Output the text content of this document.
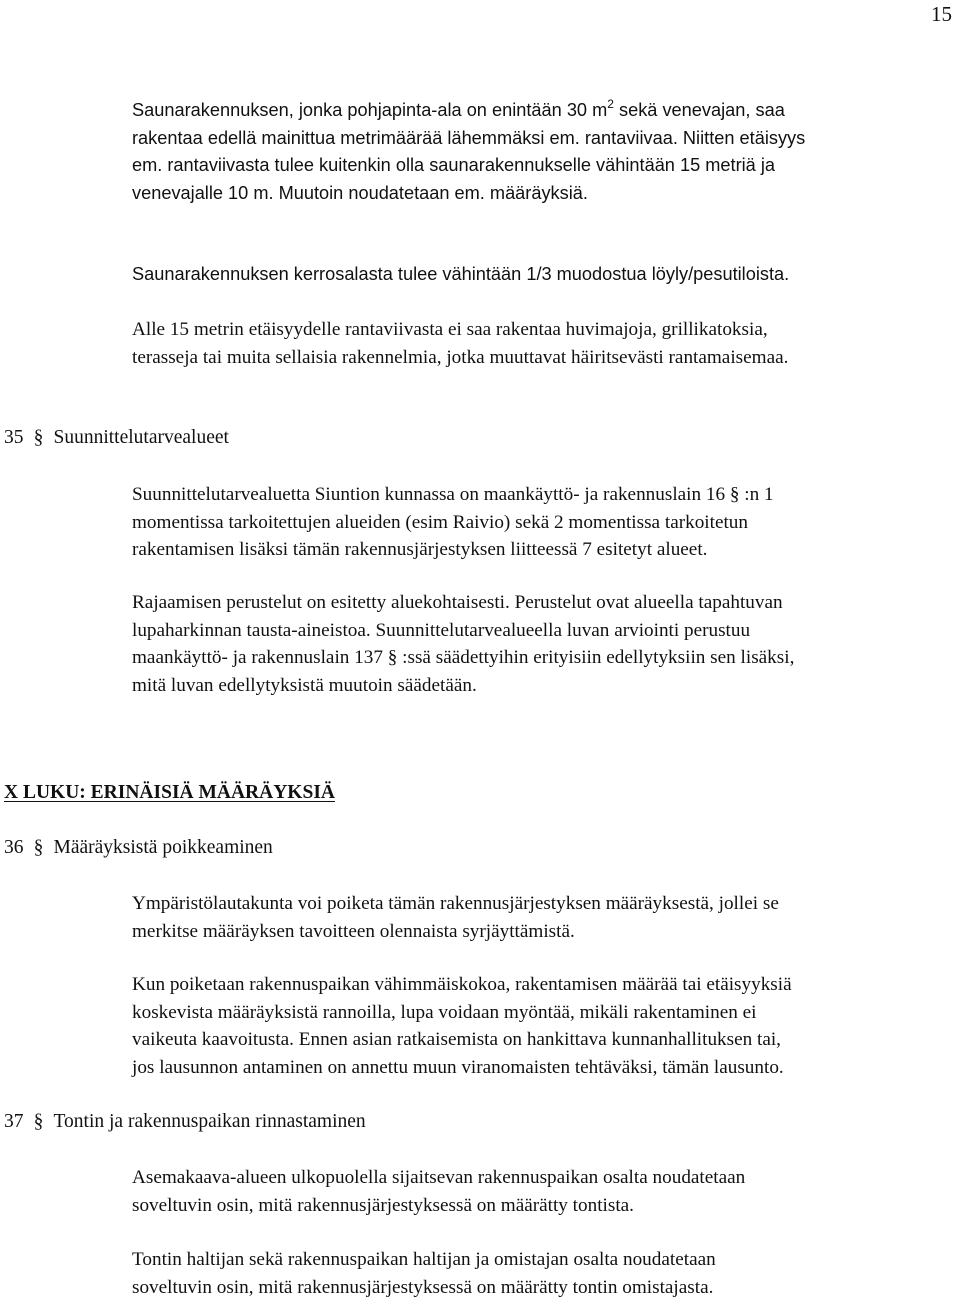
15
Saunarakennuksen, jonka pohjapinta-ala on enintään 30 $m^2$ sekä venevajan, saa
rakentaa edellä mainittua metrimäärää lähemmäksi em. rantaviivaa. Niitten etäisyys
em. rantaviivasta tulee kuitenkin olla saunarakennukselle vähintään 15 metriä ja
venevajalle 10 m. Muutoin noudatetaan em. määräyksiä.
Saunarakennuksen kerrosalasta tulee vähintään 1/3 muodostua löyly/pesutiloista.
Alle 15 metrin etäisyydelle rantaviivasta ei saa rakentaa huvimajoja, grillikatoksia,
terasseja tai muita sellaisia rakennelmia, jotka muuttavat häiritsevästi rantamaisemaa.
35 § Suunnittelutarvealueet
Suunnittelutarvealuetta Siuntion kunnassa on maankäyttö- ja rakennuslain 16 § :n 1
momentissa tarkoitettujen alueiden (esim Raivio) sekä 2 momentissa tarkoitetun
rakentamisen lisäksi tämän rakennusjärjestyksen liitteessä 7 esitetyt alueet.
Rajaamisen perustelut on esitetty aluekohtaisesti. Perustelut ovat alueella tapahtuvan
lupaharkinnan tausta-aineistoa. Suunnittelutarvealueella luvan arviointi perustuu
maankäyttö- ja rakennuslain 137 § :ssä säädettyihin erityisiin edellytyksiin sen lisäksi,
mitä luvan edellytyksistä muutoin säädetään.
X LUKU: ERINÄISIÄ MÄÄRÄYKSIÄ
36 § Määräyksistä poikkeaminen
Ympäristölautakunta voi poiketa tämän rakennusjärjestyksen määräyksestä, jollei se
merkitse määräyksen tavoitteen olennaista syrjäyttämistä.
Kun poiketaan rakennuspaikan vähimmäiskokoa, rakentamisen määrää tai etäisyyksiä
koskevista määräyksistä rannoilla, lupa voidaan myöntää, mikäli rakentaminen ei
vaikeuta kaavoitusta. Ennen asian ratkaisemista on hankittava kunnanhallituksen tai,
jos lausunnon antaminen on annettu muun viranomaisten tehtäväksi, tämän lausunto.
37 § Tontin ja rakennuspaikan rinnastaminen
Asemakaava-alueen ulkopuolella sijaitsevan rakennuspaikan osalta noudatetaan
soveltuvin osin, mitä rakennusjärjestyksessä on määrätty tontista.
Tontin haltijan sekä rakennuspaikan haltijan ja omistajan osalta noudatetaan
soveltuvin osin, mitä rakennusjärjestyksessä on määrätty tontin omistajasta.
